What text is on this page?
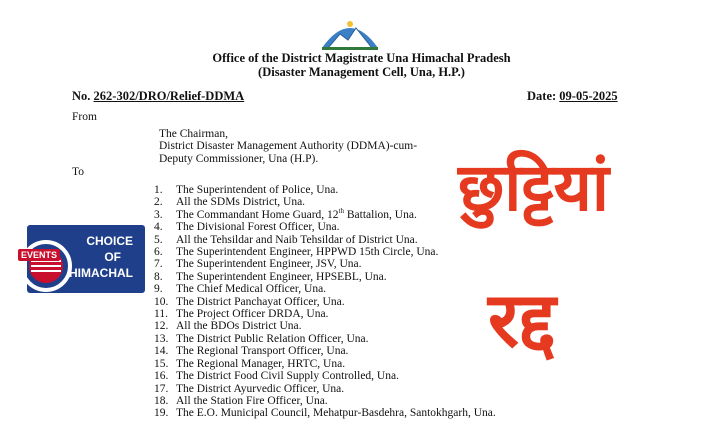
Office of the District Magistrate Una Himachal Pradesh
(Disaster Management Cell, Una, H.P.)
No. 262-302/DRO/Relief-DDMA	Date: 09-05-2025
From
The Chairman,
District Disaster Management Authority (DDMA)-cum-
Deputy Commissioner, Una (H.P).
To
1. The Superintendent of Police, Una.
2. All the SDMs District, Una.
3. The Commandant Home Guard, 12th Battalion, Una.
4. The Divisional Forest Officer, Una.
5. All the Tehsildar and Naib Tehsildar of District Una.
6. The Superintendent Engineer, HPPWD 15th Circle, Una.
7. The Superintendent Engineer, JSV, Una.
8. The Superintendent Engineer, HPSEBL, Una.
9. The Chief Medical Officer, Una.
10. The District Panchayat Officer, Una.
11. The Project Officer DRDA, Una.
12. All the BDOs District Una.
13. The District Public Relation Officer, Una.
14. The Regional Transport Officer, Una.
15. The Regional Manager, HRTC, Una.
16. The District Food Civil Supply Controlled, Una.
17. The District Ayurvedic Officer, Una.
18. All the Station Fire Officer, Una.
19. The E.O. Municipal Council, Mehatpur-Basdehra, Santokhgarh, Una.
छुट्टियां
रद्द
EVENTS
CHOICE
OF
HIMACHAL
